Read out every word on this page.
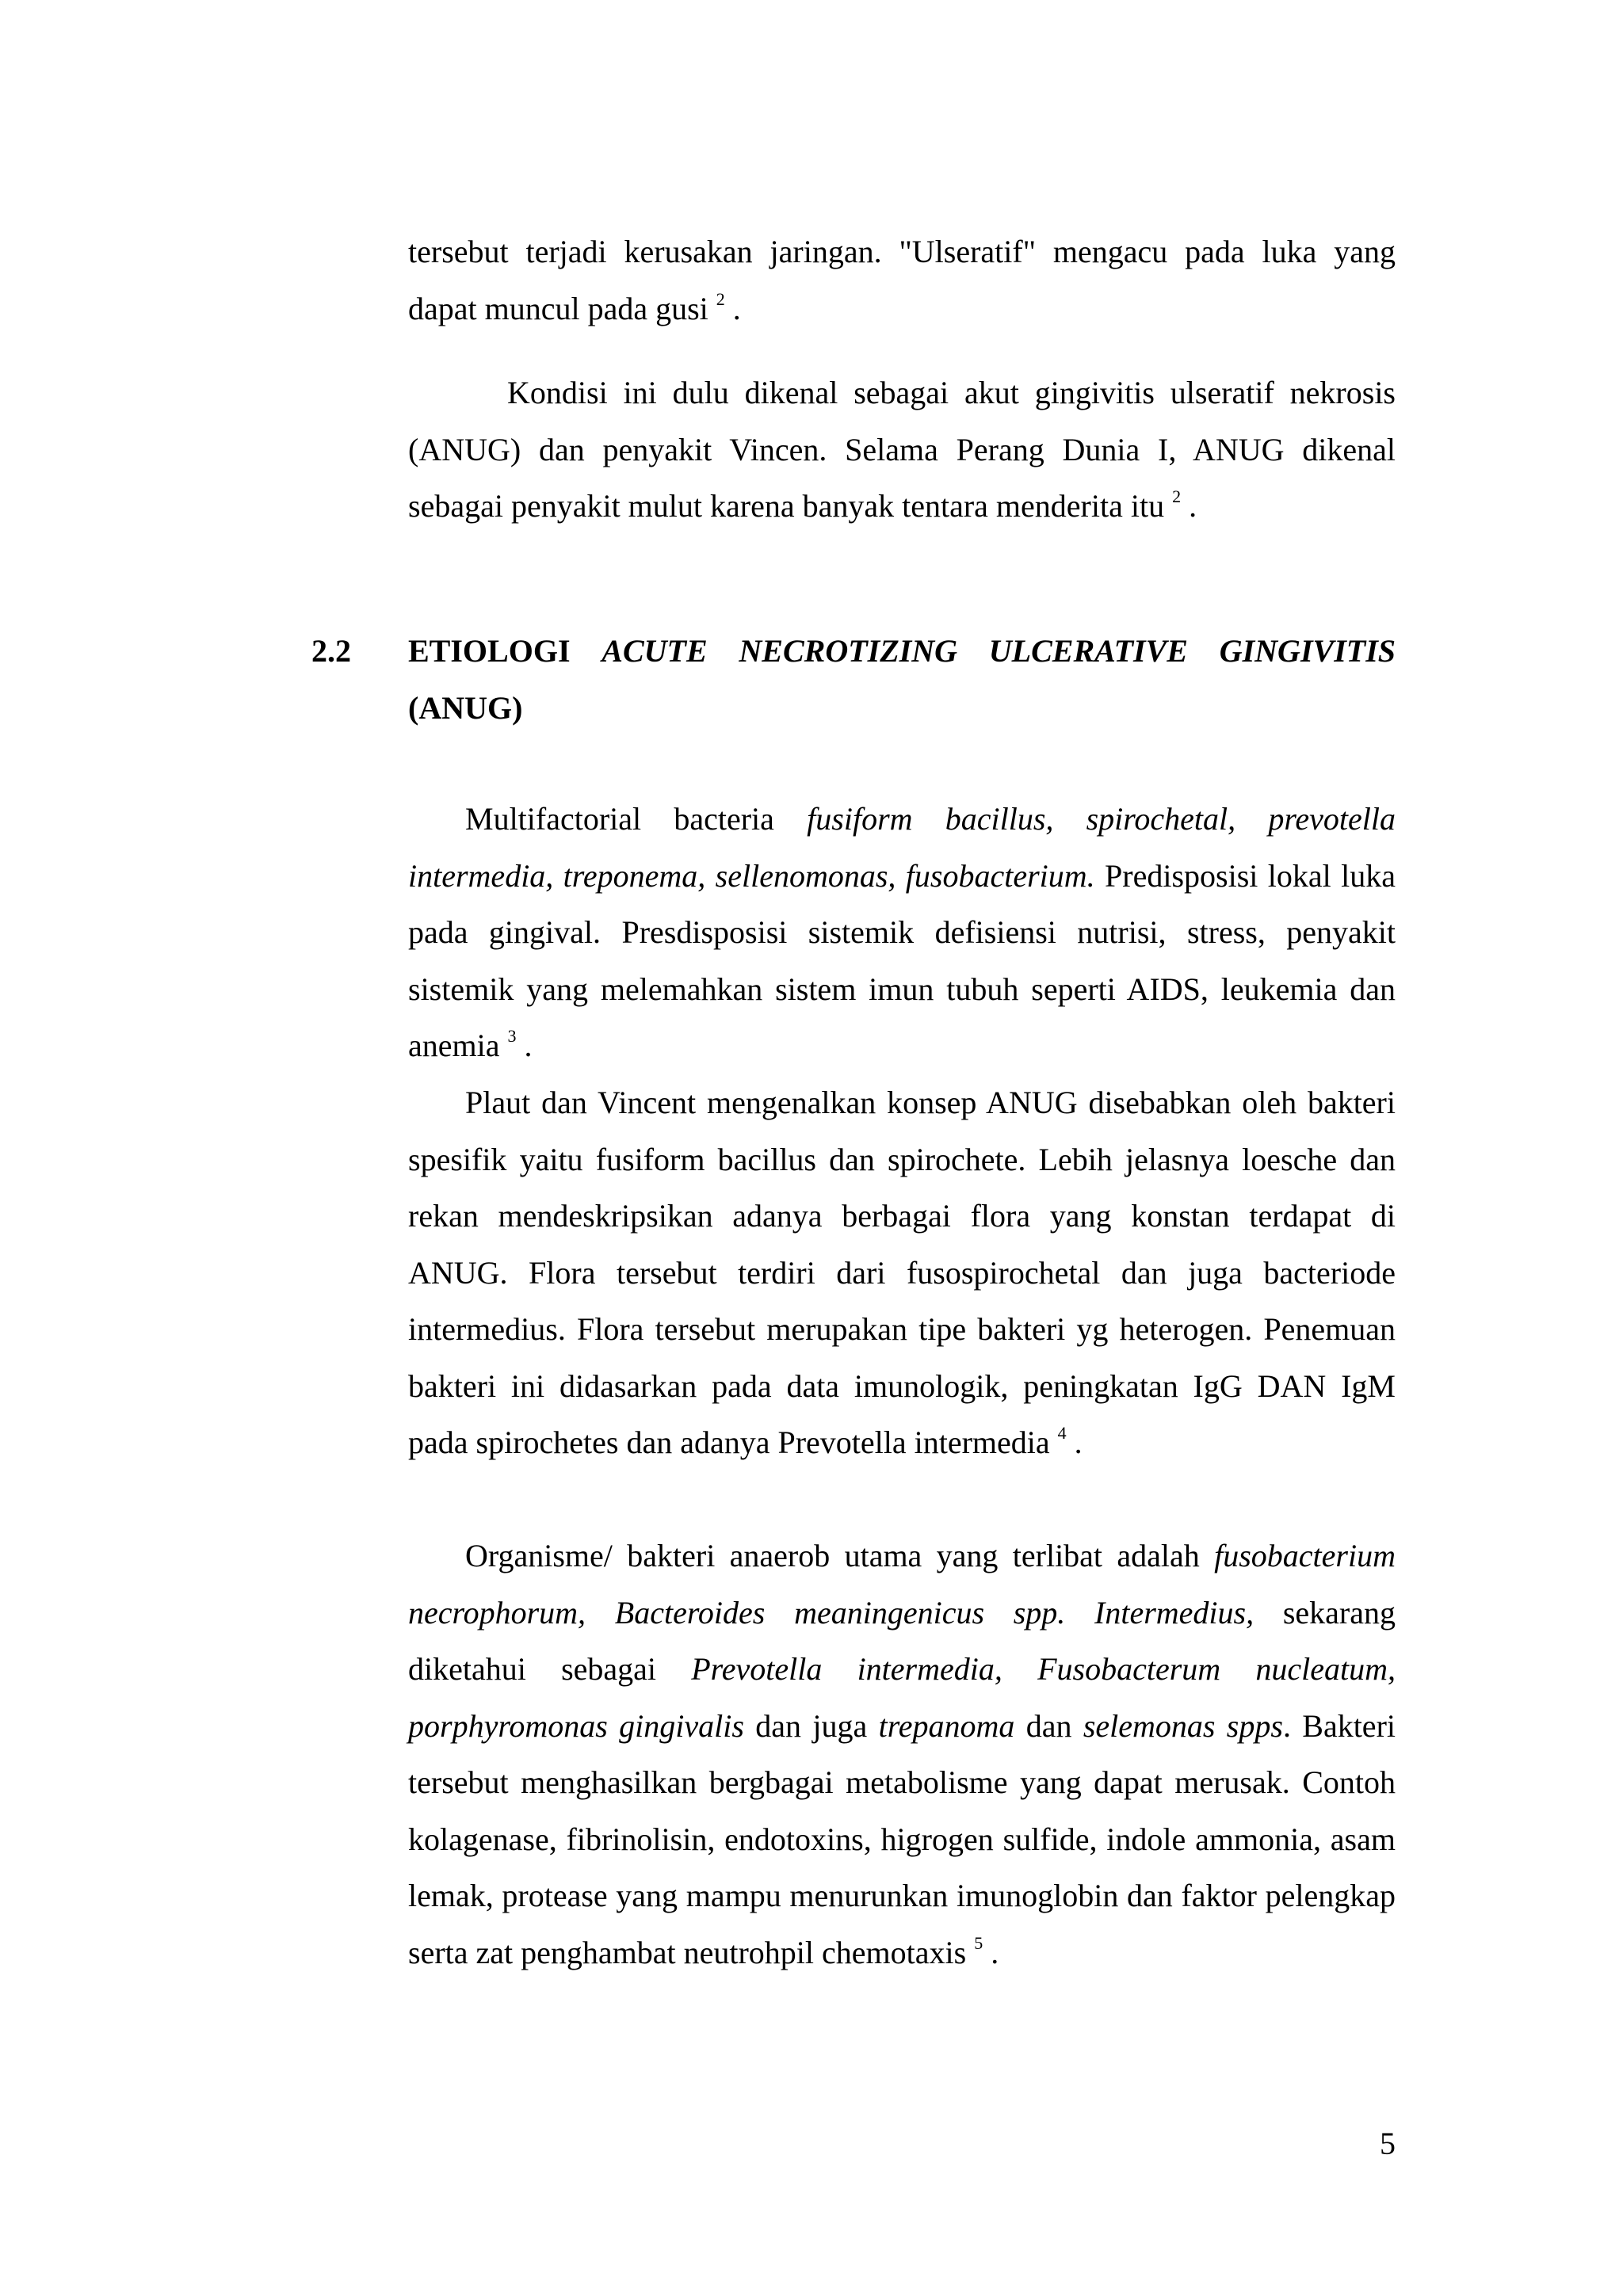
tersebut terjadi kerusakan jaringan. "Ulseratif" mengacu pada luka yang dapat muncul pada gusi $^2$ .

Kondisi ini dulu dikenal sebagai akut gingivitis ulseratif nekrosis (ANUG) dan penyakit Vincen. Selama Perang Dunia I, ANUG dikenal sebagai penyakit mulut karena banyak tentara menderita itu $^2$ .

2.2 ETIOLOGI ACUTE NECROTIZING ULCERATIVE GINGIVITIS (ANUG)

Multifactorial bacteria fusiform bacillus, spirochetal, prevotella intermedia, treponema, sellenomonas, fusobacterium. Predisposisi lokal luka pada gingival. Presdisposisi sistemik defisiensi nutrisi, stress, penyakit sistemik yang melemahkan sistem imun tubuh seperti AIDS, leukemia dan anemia $^3$ .

Plaut dan Vincent mengenalkan konsep ANUG disebabkan oleh bakteri spesifik yaitu fusiform bacillus dan spirochete. Lebih jelasnya loesche dan rekan mendeskripsikan adanya berbagai flora yang konstan terdapat di ANUG. Flora tersebut terdiri dari fusospirochetal dan juga bacteriode intermedius. Flora tersebut merupakan tipe bakteri yg heterogen. Penemuan bakteri ini didasarkan pada data imunologik, peningkatan IgG DAN IgM pada spirochetes dan adanya Prevotella intermedia $^4$ .

Organisme/ bakteri anaerob utama yang terlibat adalah fusobacterium necrophorum, Bacteroides meaningenicus spp. Intermedius, sekarang diketahui sebagai Prevotella intermedia, Fusobacterum nucleatum, porphyromonas gingivalis dan juga trepanoma dan selemonas spps. Bakteri tersebut menghasilkan bergbagai metabolisme yang dapat merusak. Contoh kolagenase, fibrinolisin, endotoxins, higrogen sulfide, indole ammonia, asam lemak, protease yang mampu menurunkan imunoglobin dan faktor pelengkap serta zat penghambat neutrohpil chemotaxis $^5$ .

5
